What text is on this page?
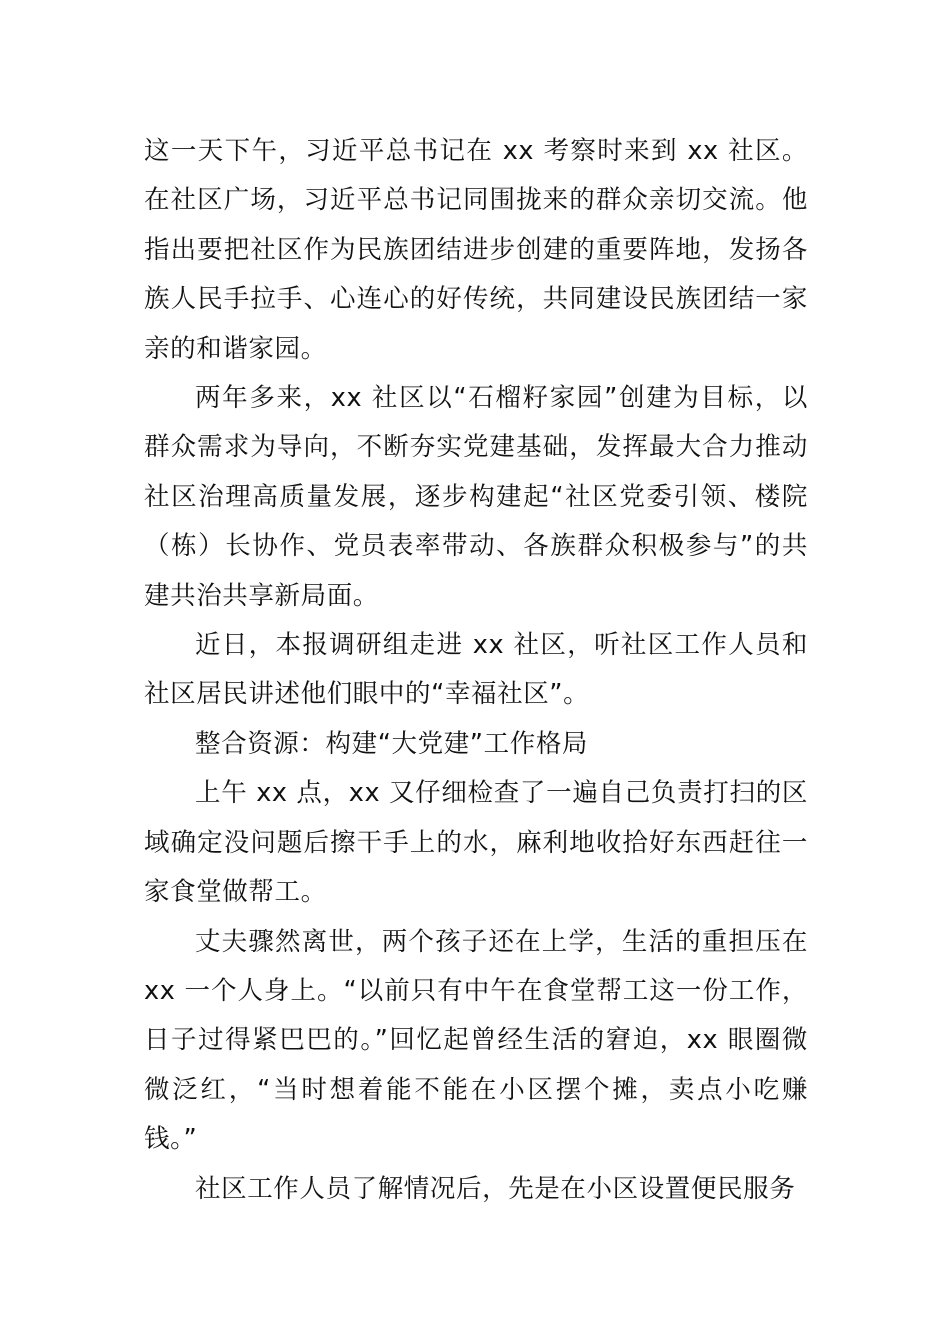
这一天下午，习近平总书记在 xx 考察时来到 xx 社区。在社区广场，习近平总书记同围拢来的群众亲切交流。他指出要把社区作为民族团结进步创建的重要阵地，发扬各族人民手拉手、心连心的好传统，共同建设民族团结一家亲的和谐家园。

两年多来，xx 社区以“石榴籽家园”创建为目标，以群众需求为导向，不断夯实党建基础，发挥最大合力推动社区治理高质量发展，逐步构建起“社区党委引领、楼院（栋）长协作、党员表率带动、各族群众积极参与”的共建共治共享新局面。

近日，本报调研组走进 xx 社区，听社区工作人员和社区居民讲述他们眼中的“幸福社区”。

整合资源：构建“大党建”工作格局

上午 xx 点，xx 又仔细检查了一遍自己负责打扫的区域确定没问题后擦干手上的水，麻利地收拾好东西赶往一家食堂做帮工。

丈夫骤然离世，两个孩子还在上学，生活的重担压在 xx 一个人身上。“以前只有中午在食堂帮工这一份工作，日子过得紧巴巴的。”回忆起曾经生活的窘迫，xx 眼圈微微泛红，“当时想着能不能在小区摆个摊，卖点小吃赚钱。”

社区工作人员了解情况后，先是在小区设置便民服务
